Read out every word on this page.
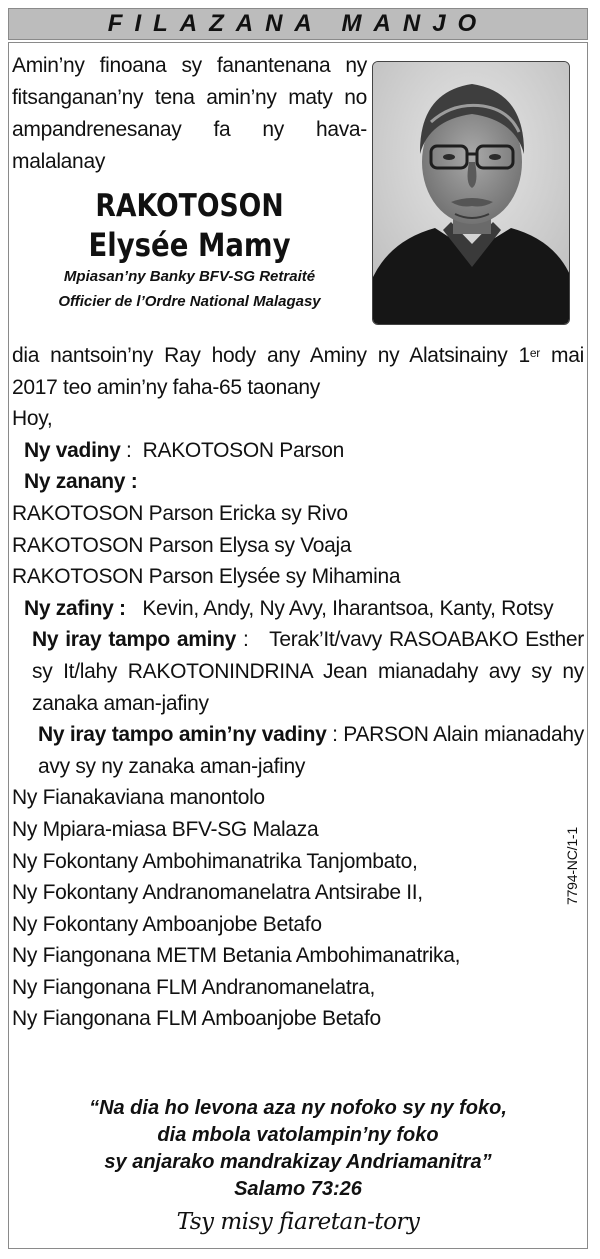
FILAZANA MANJO

Amin’ny finoana sy fanantenana ny fitsanganan’ny tena amin’ny maty no ampandrenesanay fa ny hava-malalanay

RAKOTOSON
Elysée Mamy
Mpiasan’ny Banky BFV-SG Retraité
Officier de l’Ordre National Malagasy

dia nantsoin’ny Ray hody any Aminy ny Alatsinainy 1er mai 2017 teo amin’ny faha-65 taonany

Hoy,

Ny vadiny :  RAKOTOSON Parson

Ny zanany :

RAKOTOSON Parson Ericka sy Rivo

RAKOTOSON Parson Elysa sy Voaja

RAKOTOSON Parson Elysée sy Mihamina

Ny zafiny :   Kevin, Andy, Ny Avy, Iharantsoa, Kanty, Rotsy

Ny iray tampo aminy :   Terak’It/vavy RASOABAKO Esther sy It/lahy RAKOTONINDRINA Jean mianadahy avy sy ny zanaka aman-jafiny

Ny iray tampo amin’ny vadiny : PARSON Alain mianadahy avy sy ny zanaka aman-jafiny

Ny Fianakaviana manontolo

Ny Mpiara-miasa BFV-SG Malaza

Ny Fokontany Ambohimanatrika Tanjombato,

Ny Fokontany Andranomanelatra Antsirabe II,

Ny Fokontany Amboanjobe Betafo

Ny Fiangonana METM Betania Ambohimanatrika,

Ny Fiangonana FLM Andranomanelatra,

Ny Fiangonana FLM Amboanjobe Betafo

7794-NC/1-1
“Na dia ho levona aza ny nofoko sy ny foko,
dia mbola vatolampin’ny foko
sy anjarako mandrakizay Andriamanitra”
Salamo 73:26
Tsy misy fiaretan-tory
